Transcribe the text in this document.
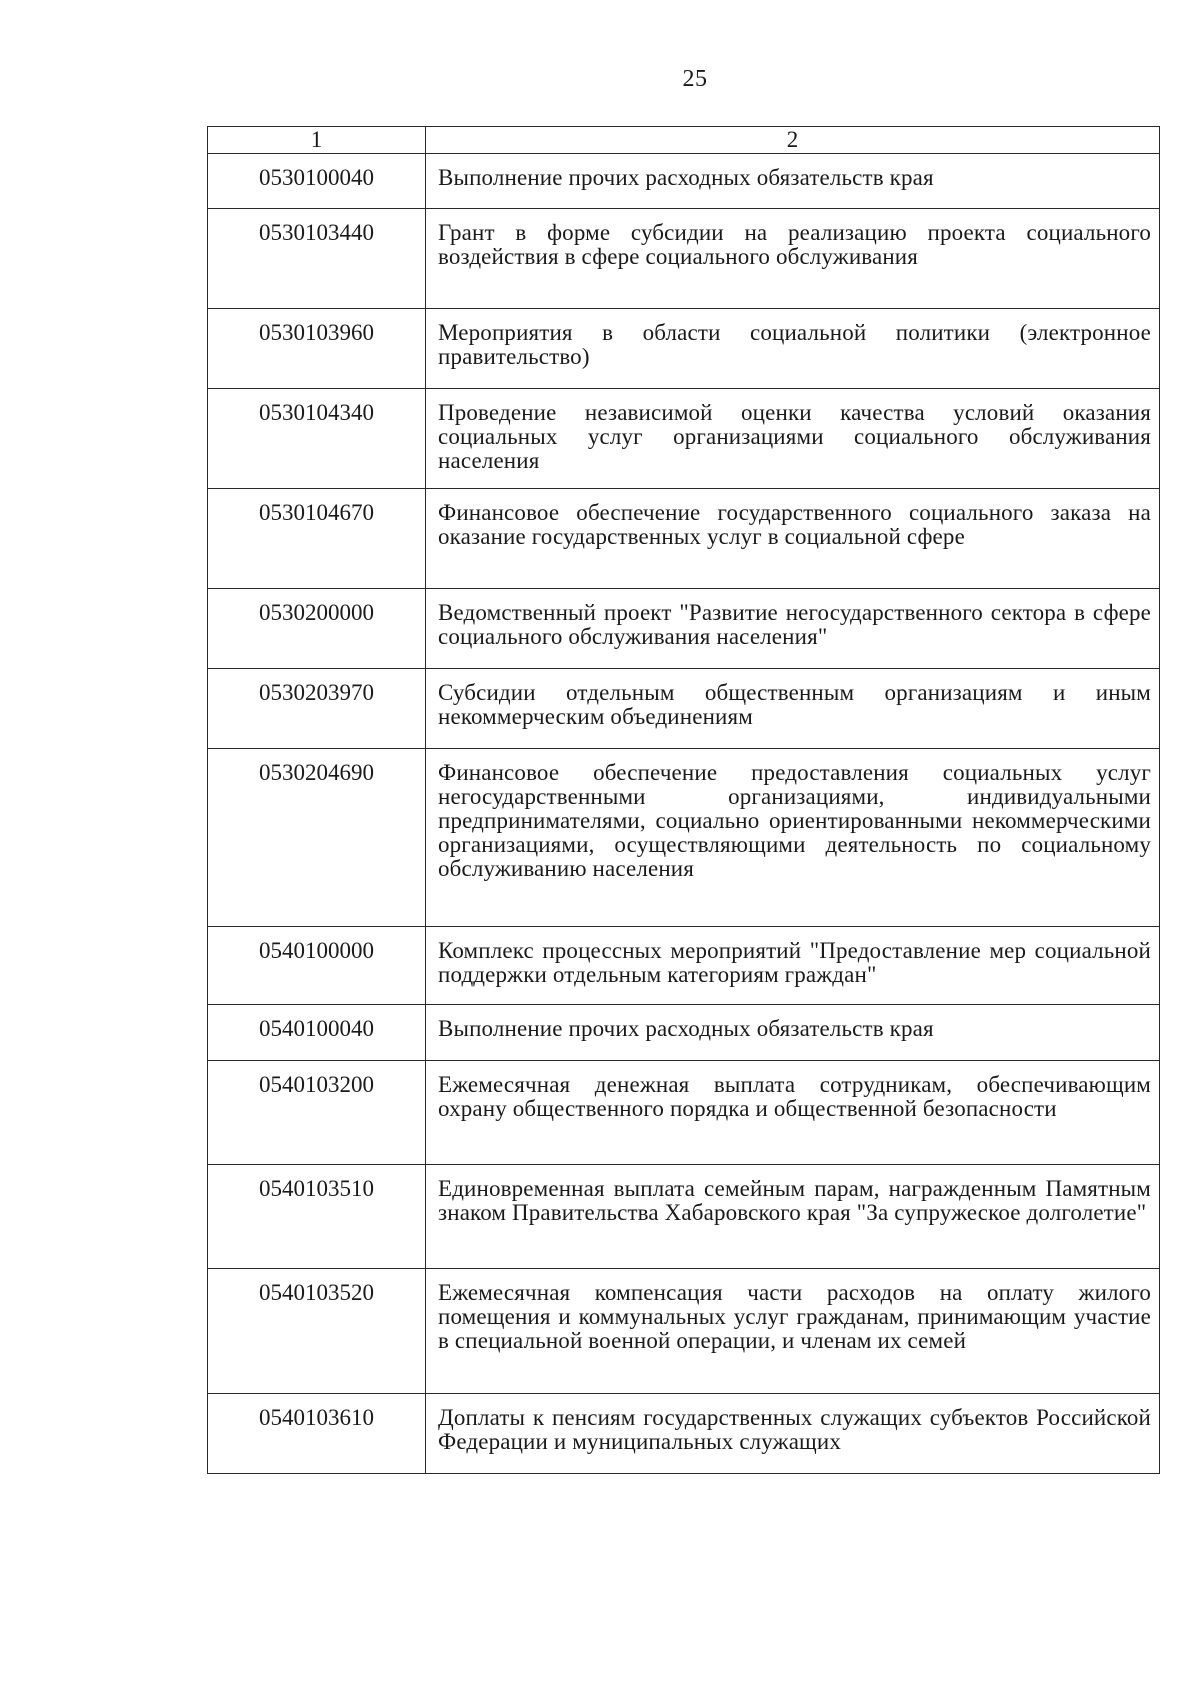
25
1	2
0530100040	Выполнение прочих расходных обязательств края
0530103440	Грант в форме субсидии на реализацию проекта социального воздействия в сфере социального обслуживания
0530103960	Мероприятия в области социальной политики (электронное правительство)
0530104340	Проведение независимой оценки качества условий оказания социальных услуг организациями социального обслуживания населения
0530104670	Финансовое обеспечение государственного социального заказа на оказание государственных услуг в социальной сфере
0530200000	Ведомственный проект "Развитие негосударственного сектора в сфере социального обслуживания населения"
0530203970	Субсидии отдельным общественным организациям и иным некоммерческим объединениям
0530204690	Финансовое обеспечение предоставления социальных услуг негосударственными организациями, индивидуальными предпринимателями, социально ориентированными некоммерческими организациями, осуществляющими деятельность по социальному обслуживанию населения
0540100000	Комплекс процессных мероприятий "Предоставление мер социальной поддержки отдельным категориям граждан"
0540100040	Выполнение прочих расходных обязательств края
0540103200	Ежемесячная денежная выплата сотрудникам, обеспечивающим охрану общественного порядка и общественной безопасности
0540103510	Единовременная выплата семейным парам, награжденным Памятным знаком Правительства Хабаровского края "За супружеское долголетие"
0540103520	Ежемесячная компенсация части расходов на оплату жилого помещения и коммунальных услуг гражданам, принимающим участие в специальной военной операции, и членам их семей
0540103610	Доплаты к пенсиям государственных служащих субъектов Российской Федерации и муниципальных служащих
